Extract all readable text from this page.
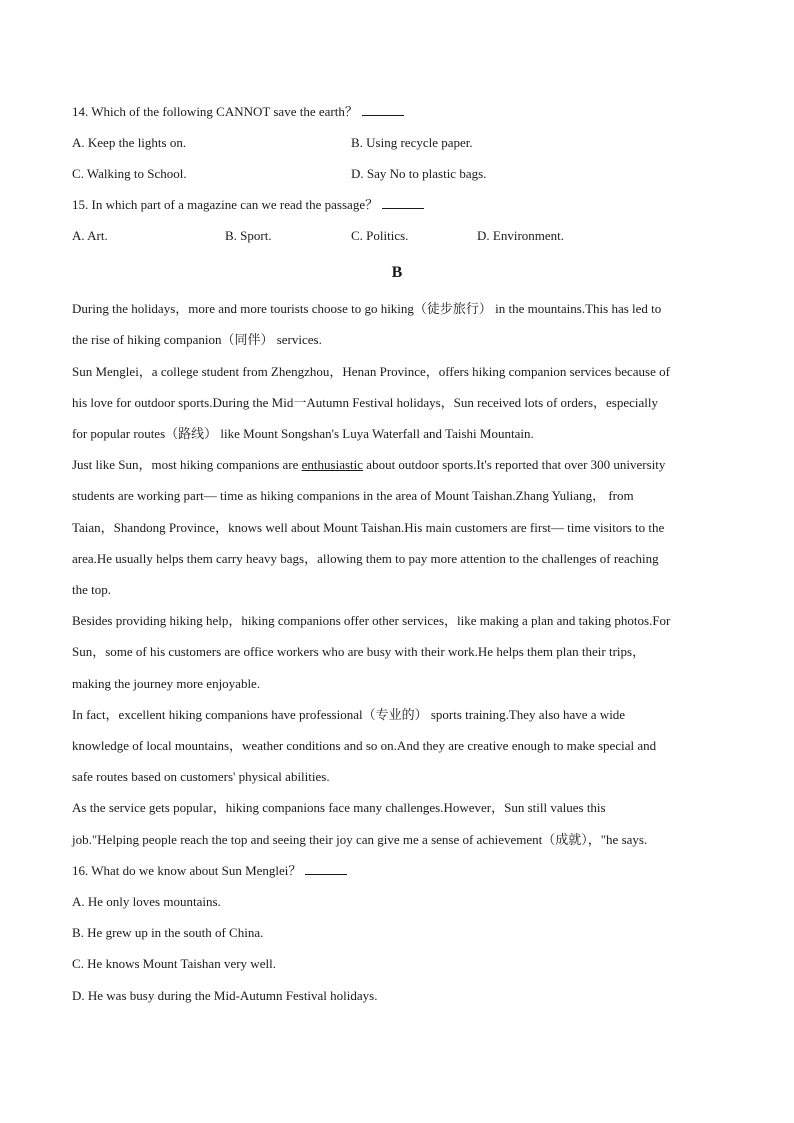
14. Which of the following CANNOT save the earth？
A. Keep the lights on.	B. Using recycle paper.
C. Walking to School.	D. Say No to plastic bags.
15. In which part of a magazine can we read the passage？
A. Art.	B. Sport.	C. Politics.	D. Environment.
B
During the holidays，more and more tourists choose to go hiking（徒步旅行） in the mountains.This has led to
the rise of hiking companion（同伴） services.
Sun Menglei，a college student from Zhengzhou，Henan Province，offers hiking companion services because of
his love for outdoor sports.During the Mid一Autumn Festival holidays，Sun received lots of orders，especially
for popular routes（路线） like Mount Songshan's Luya Waterfall and Taishi Mountain.
Just like Sun，most hiking companions are enthusiastic about outdoor sports.It's reported that over 300 university
students are working part— time as hiking companions in the area of Mount Taishan.Zhang Yuliang， from
Taian，Shandong Province，knows well about Mount Taishan.His main customers are first— time visitors to the
area.He usually helps them carry heavy bags，allowing them to pay more attention to the challenges of reaching
the top.
Besides providing hiking help，hiking companions offer other services，like making a plan and taking photos.For
Sun，some of his customers are office workers who are busy with their work.He helps them plan their trips，
making the journey more enjoyable.
In fact，excellent hiking companions have professional（专业的） sports training.They also have a wide
knowledge of local mountains，weather conditions and so on.And they are creative enough to make special and
safe routes based on customers' physical abilities.
As the service gets popular，hiking companions face many challenges.However，Sun still values this
job."Helping people reach the top and seeing their joy can give me a sense of achievement（成就），"he says.
16. What do we know about Sun Menglei？
A. He only loves mountains.
B. He grew up in the south of China.
C. He knows Mount Taishan very well.
D. He was busy during the Mid-Autumn Festival holidays.
